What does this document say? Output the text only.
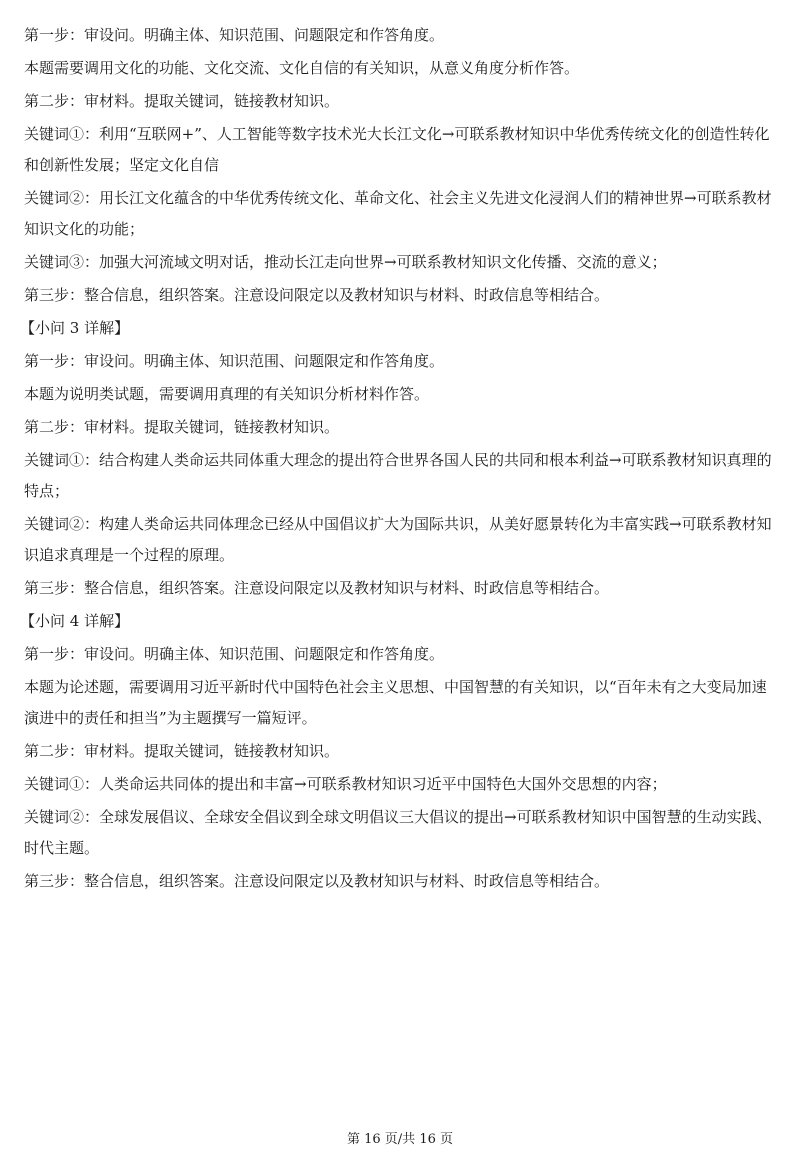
第一步：审设问。明确主体、知识范围、问题限定和作答角度。

本题需要调用文化的功能、文化交流、文化自信的有关知识，从意义角度分析作答。

第二步：审材料。提取关键词，链接教材知识。

关键词①：利用“互联网+”、人工智能等数字技术光大长江文化→可联系教材知识中华优秀传统文化的创造性转化和创新性发展；坚定文化自信

关键词②：用长江文化蕴含的中华优秀传统文化、革命文化、社会主义先进文化浸润人们的精神世界→可联系教材知识文化的功能；

关键词③：加强大河流域文明对话，推动长江走向世界→可联系教材知识文化传播、交流的意义；

第三步：整合信息，组织答案。注意设问限定以及教材知识与材料、时政信息等相结合。

【小问 3 详解】

第一步：审设问。明确主体、知识范围、问题限定和作答角度。

本题为说明类试题，需要调用真理的有关知识分析材料作答。

第二步：审材料。提取关键词，链接教材知识。

关键词①：结合构建人类命运共同体重大理念的提出符合世界各国人民的共同和根本利益→可联系教材知识真理的特点；

关键词②：构建人类命运共同体理念已经从中国倡议扩大为国际共识，从美好愿景转化为丰富实践→可联系教材知识追求真理是一个过程的原理。

第三步：整合信息，组织答案。注意设问限定以及教材知识与材料、时政信息等相结合。

【小问 4 详解】

第一步：审设问。明确主体、知识范围、问题限定和作答角度。

本题为论述题，需要调用习近平新时代中国特色社会主义思想、中国智慧的有关知识，以“百年未有之大变局加速演进中的责任和担当”为主题撰写一篇短评。

第二步：审材料。提取关键词，链接教材知识。

关键词①：人类命运共同体的提出和丰富→可联系教材知识习近平中国特色大国外交思想的内容；

关键词②：全球发展倡议、全球安全倡议到全球文明倡议三大倡议的提出→可联系教材知识中国智慧的生动实践、时代主题。

第三步：整合信息，组织答案。注意设问限定以及教材知识与材料、时政信息等相结合。

第 16 页/共 16 页
